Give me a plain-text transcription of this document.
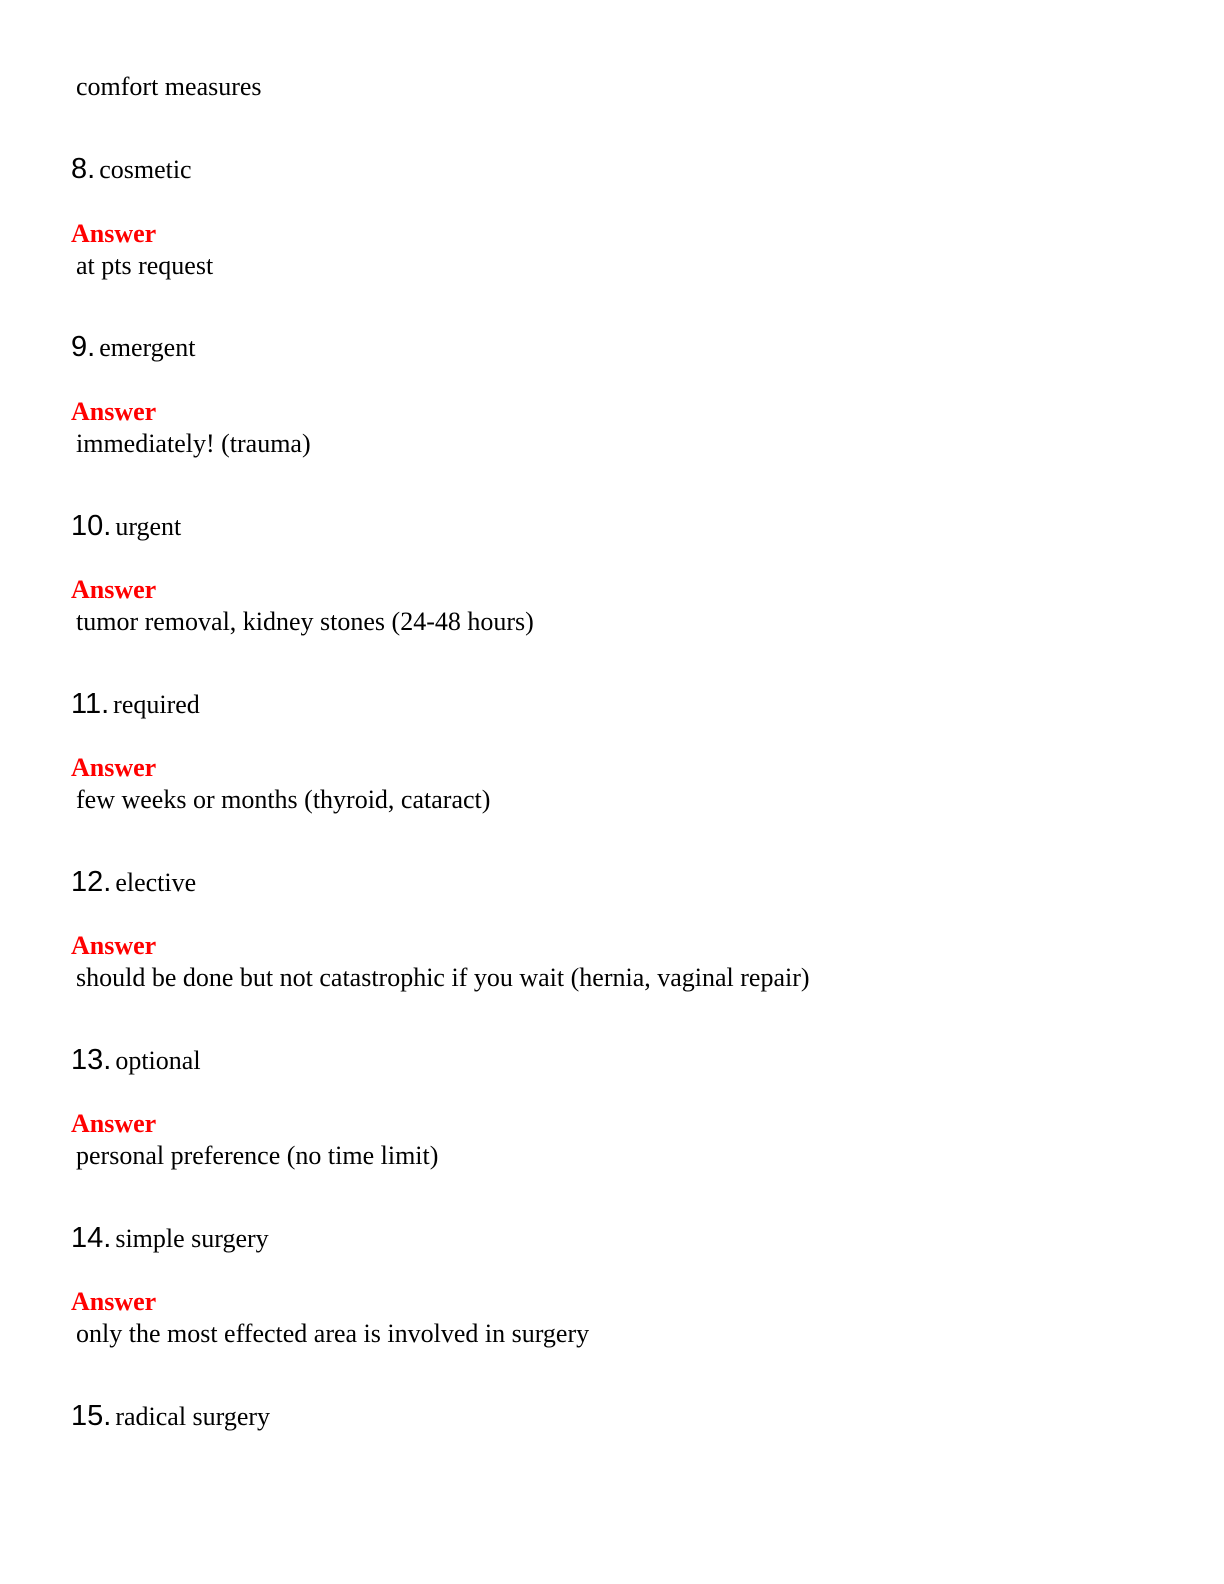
comfort measures
8. cosmetic
Answer
at pts request
9. emergent
Answer
immediately! (trauma)
10. urgent
Answer
tumor removal, kidney stones (24-48 hours)
11. required
Answer
few weeks or months (thyroid, cataract)
12. elective
Answer
should be done but not catastrophic if you wait (hernia, vaginal repair)
13. optional
Answer
personal preference (no time limit)
14. simple surgery
Answer
only the most effected area is involved in surgery
15. radical surgery
